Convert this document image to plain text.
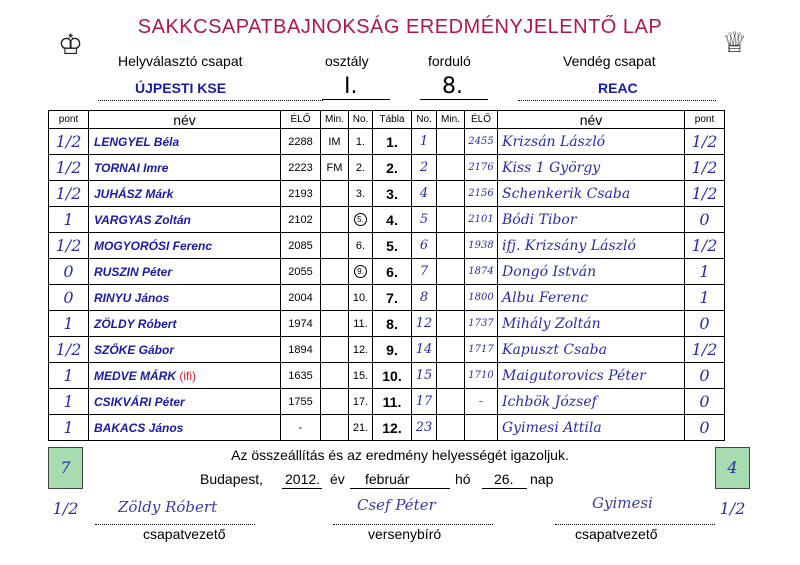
♔	♕
SAKKCSAPATBAJNOKSÁG EREDMÉNYJELENTŐ LAP
Helyválasztó csapat	osztály	forduló	Vendég csapat
ÚJPESTI KSE	I.	8.	REAC
pont	név	ÉLŐ	Min.	No.	Tábla	No.	Min.	ÉLŐ	név	pont
1/2	LENGYEL Béla	2288	IM	1.	1.	1		2455	Krizsán László	1/2
1/2	TORNAI Imre	2223	FM	2.	2.	2		2176	Kiss 1 György	1/2
1/2	JUHÁSZ Márk	2193		3.	3.	4		2156	Schenkerik Csaba	1/2
1	VARGYAS Zoltán	2102		5.	4.	5		2101	Bódi Tibor	0
1/2	MOGYORÓSI Ferenc	2085		6.	5.	6		1938	ifj. Krizsány László	1/2
0	RUSZIN Péter	2055		9.	6.	7		1874	Dongó István	1
0	RINYU János	2004		10.	7.	8		1800	Albu Ferenc	1
1	ZÖLDY Róbert	1974		11.	8.	12		1737	Mihály Zoltán	0
1/2	SZŐKE Gábor	1894		12.	9.	14		1717	Kapuszt Csaba	1/2
1	MEDVE MÁRK (ifi)	1635		15.	10.	15		1710	Maigutorovics Péter	0
1	CSIKVÁRI Péter	1755		17.	11.	17		–	Ichbök József	0
1	BAKACS János	-		21.	12.	23			Gyimesi Attila	0
7 1/2
4 1/2
Az összeállítás és az eredmény helyességét igazoljuk.
Budapest, 2012. év február	hó 26. nap
Zöldy Róbert	Csef Péter	Gyimesi
csapatvezető	versenybíró	csapatvezető
